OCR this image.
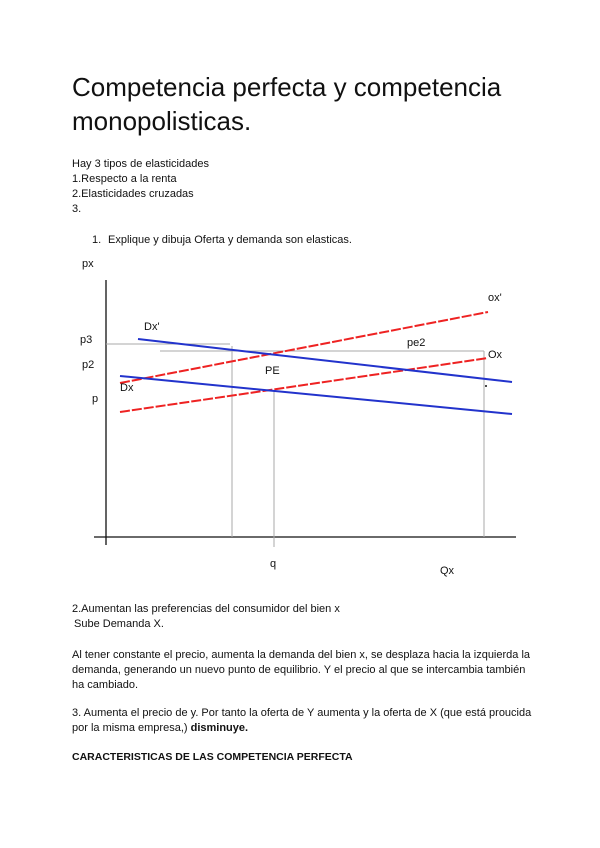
Competencia perfecta y competencia monopolisticas.
Hay 3 tipos de elasticidades
1.Respecto a la renta
2.Elasticidades cruzadas
3.
1. Explique y dibuja Oferta y demanda son elasticas.
px
Qx
p3
p2
p
q
Dx'
Dx
ox'
Ox
PE
pe2
2.Aumentan las preferencias del consumidor del bien x
Sube Demanda X.
Al tener constante el precio, aumenta la demanda del bien x, se desplaza hacia la izquierda la demanda, generando un nuevo punto de equilibrio. Y el precio al que se intercambia también ha cambiado.
3. Aumenta el precio de y. Por tanto la oferta de Y aumenta y la oferta de X (que está proucida por la misma empresa,) disminuye.
CARACTERISTICAS DE LAS COMPETENCIA PERFECTA
